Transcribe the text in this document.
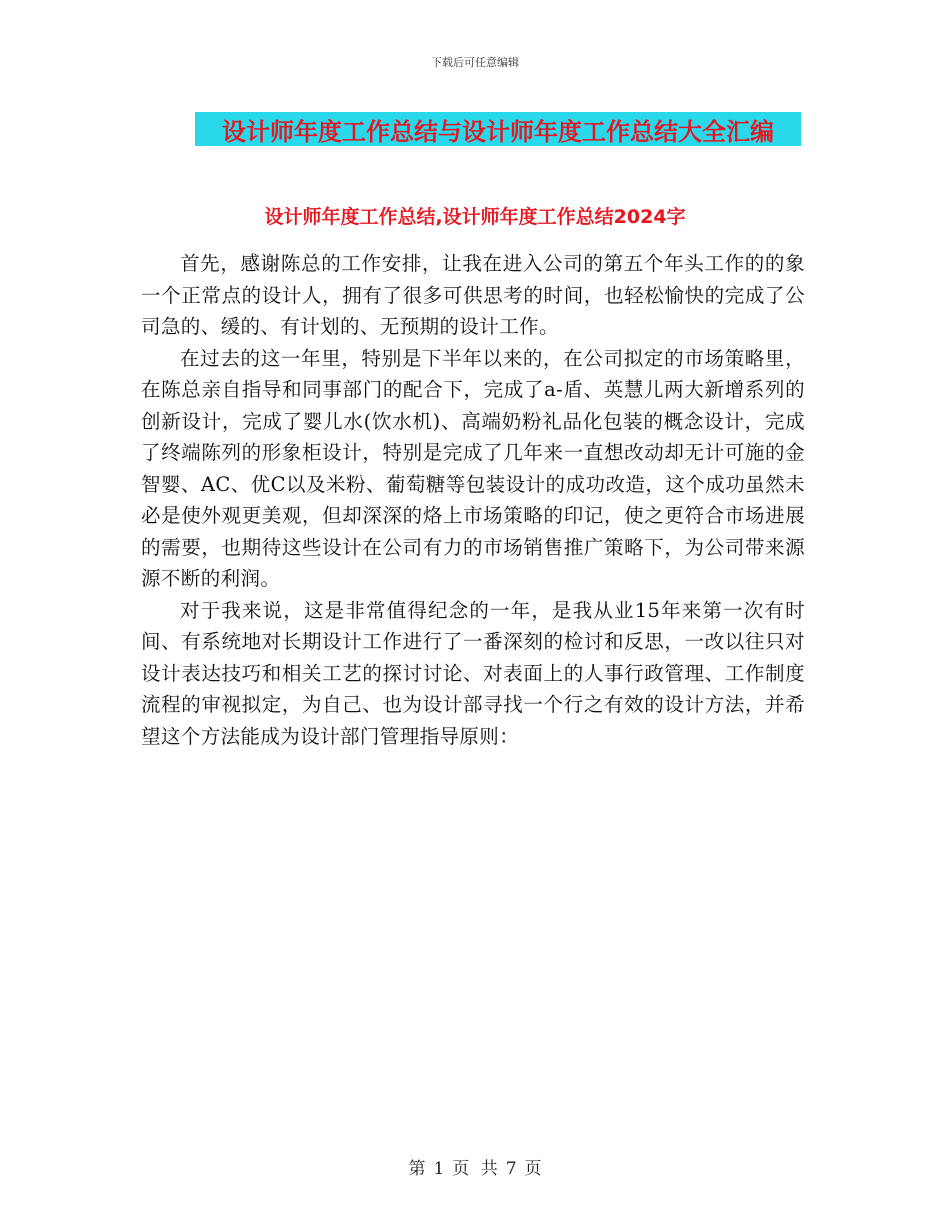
下载后可任意编辑
设计师年度工作总结与设计师年度工作总结大全汇编
设计师年度工作总结,设计师年度工作总结2024字

首先，感谢陈总的工作安排，让我在进入公司的第五个年头工作的的象一个正常点的设计人，拥有了很多可供思考的时间，也轻松愉快的完成了公司急的、缓的、有计划的、无预期的设计工作。

在过去的这一年里，特别是下半年以来的，在公司拟定的市场策略里，在陈总亲自指导和同事部门的配合下，完成了a-盾、英慧儿两大新增系列的创新设计，完成了婴儿水(饮水机)、高端奶粉礼品化包装的概念设计，完成了终端陈列的形象柜设计，特别是完成了几年来一直想改动却无计可施的金智婴、AC、优C以及米粉、葡萄糖等包装设计的成功改造，这个成功虽然未必是使外观更美观，但却深深的烙上市场策略的印记，使之更符合市场进展的需要，也期待这些设计在公司有力的市场销售推广策略下，为公司带来源源不断的利润。

对于我来说，这是非常值得纪念的一年，是我从业15年来第一次有时间、有系统地对长期设计工作进行了一番深刻的检讨和反思，一改以往只对设计表达技巧和相关工艺的探讨讨论、对表面上的人事行政管理、工作制度流程的审视拟定，为自己、也为设计部寻找一个行之有效的设计方法，并希望这个方法能成为设计部门管理指导原则：

第 1 页 共 7 页
